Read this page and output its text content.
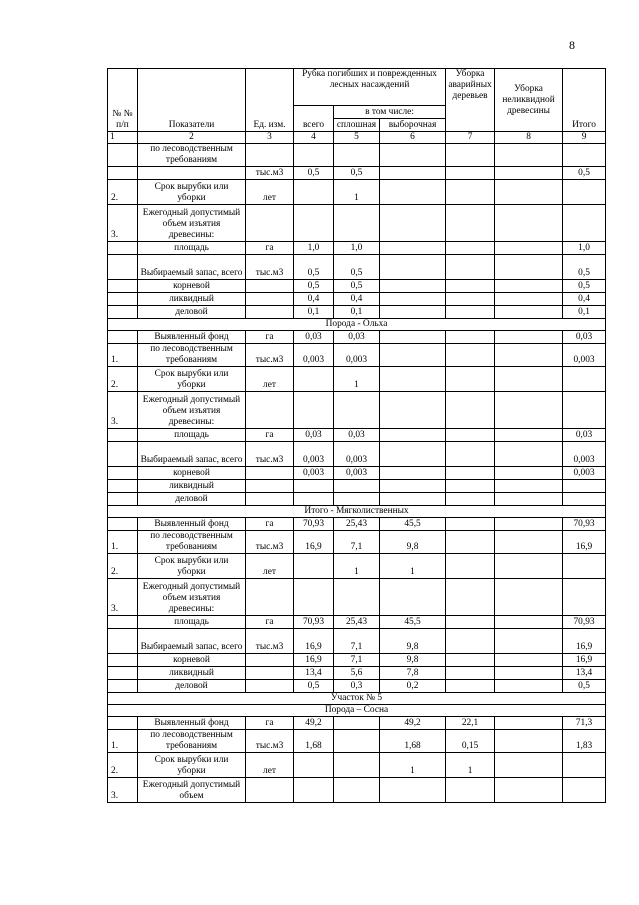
8
№ № п/п	Показатели	Ед. изм.	Рубка погибших и поврежденных лесных насаждений			Уборка аварийных деревьев	Уборка неликвидной древесины	Итого
			всего	в том числе:				
				сплошная	выборочная			
1	2	3	4	5	6	7	8	9
	по лесоводственным требованиям							
		тыс.м3	0,5	0,5				0,5
2.	Срок вырубки или уборки	лет		1				
3.	Ежегодный допустимый объем изъятия древесины:							
	площадь	га	1,0	1,0				1,0
	Выбираемый запас, всего	тыс.м3	0,5	0,5				0,5
	корневой		0,5	0,5				0,5
	ликвидный		0,4	0,4				0,4
	деловой		0,1	0,1				0,1
Порода - Ольха								
	Выявленный фонд	га	0,03	0,03				0,03
1.	по лесоводственным требованиям	тыс.м3	0,003	0,003				0,003
2.	Срок вырубки или уборки	лет		1				
3.	Ежегодный допустимый объем изъятия древесины:							
	площадь	га	0,03	0,03				0,03
	Выбираемый запас, всего	тыс.м3	0,003	0,003				0,003
	корневой		0,003	0,003				0,003
	ликвидный							
	деловой							
Итого - Мягколиственных								
	Выявленный фонд	га	70,93	25,43	45,5			70,93
1.	по лесоводственным требованиям	тыс.м3	16,9	7,1	9,8			16,9
2.	Срок вырубки или уборки	лет		1	1			
3.	Ежегодный допустимый объем изъятия древесины:							
	площадь	га	70,93	25,43	45,5			70,93
	Выбираемый запас, всего	тыс.м3	16,9	7,1	9,8			16,9
	корневой		16,9	7,1	9,8			16,9
	ликвидный		13,4	5,6	7,8			13,4
	деловой		0,5	0,3	0,2			0,5
Участок № 5								
Порода – Сосна								
	Выявленный фонд	га	49,2		49,2	22,1		71,3
1.	по лесоводственным требованиям	тыс.м3	1,68		1,68	0,15		1,83
2.	Срок вырубки или уборки	лет			1	1		
3.	Ежегодный допустимый объем							
